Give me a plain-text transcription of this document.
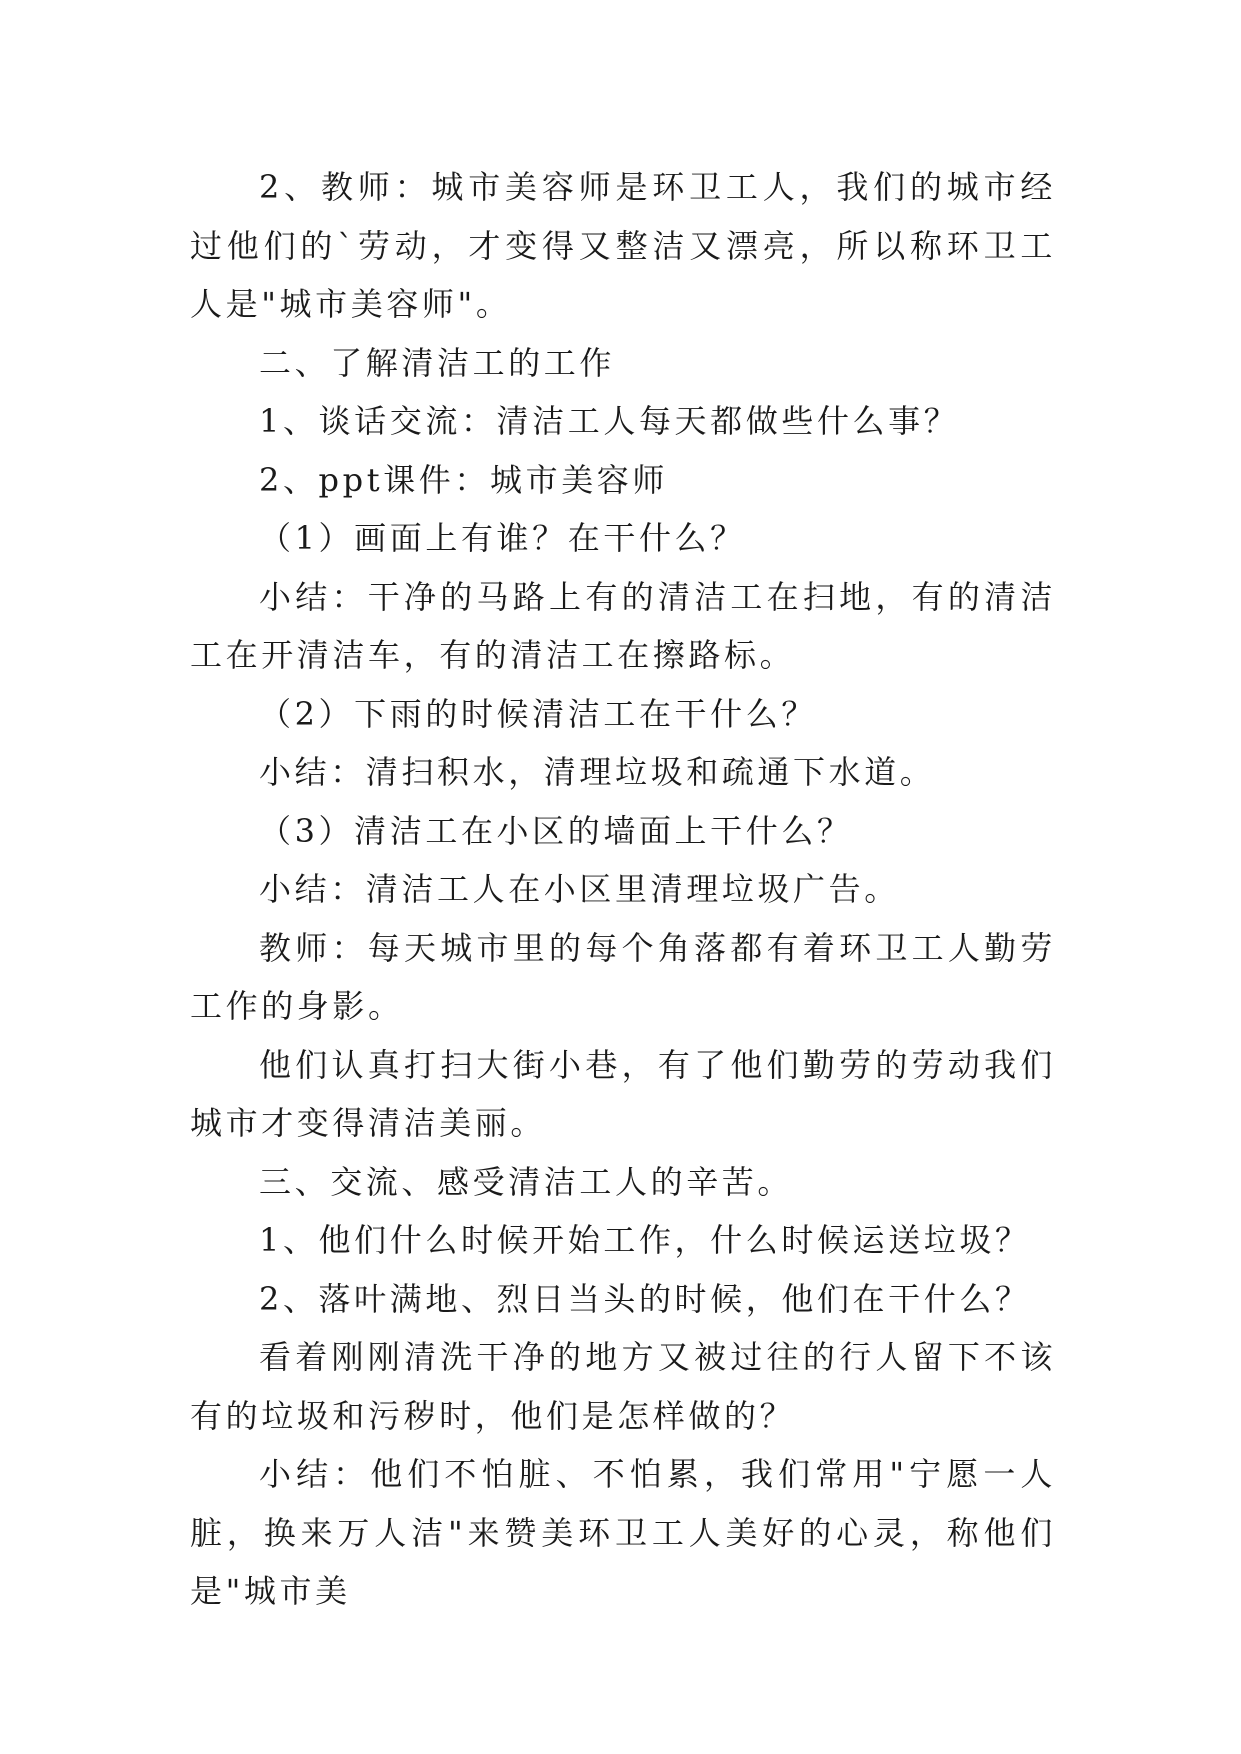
2、教师：城市美容师是环卫工人，我们的城市经过他们的`劳动，才变得又整洁又漂亮，所以称环卫工人是"城市美容师"。

二、了解清洁工的工作

1、谈话交流：清洁工人每天都做些什么事？

2、ppt课件：城市美容师

（1）画面上有谁？在干什么？

小结：干净的马路上有的清洁工在扫地，有的清洁工在开清洁车，有的清洁工在擦路标。

（2）下雨的时候清洁工在干什么？

小结：清扫积水，清理垃圾和疏通下水道。

（3）清洁工在小区的墙面上干什么？

小结：清洁工人在小区里清理垃圾广告。

教师：每天城市里的每个角落都有着环卫工人勤劳工作的身影。

他们认真打扫大街小巷，有了他们勤劳的劳动我们城市才变得清洁美丽。

三、交流、感受清洁工人的辛苦。

1、他们什么时候开始工作，什么时候运送垃圾？

2、落叶满地、烈日当头的时候，他们在干什么？

看着刚刚清洗干净的地方又被过往的行人留下不该有的垃圾和污秽时，他们是怎样做的？

小结：他们不怕脏、不怕累，我们常用"宁愿一人脏，换来万人洁"来赞美环卫工人美好的心灵，称他们是"城市美
